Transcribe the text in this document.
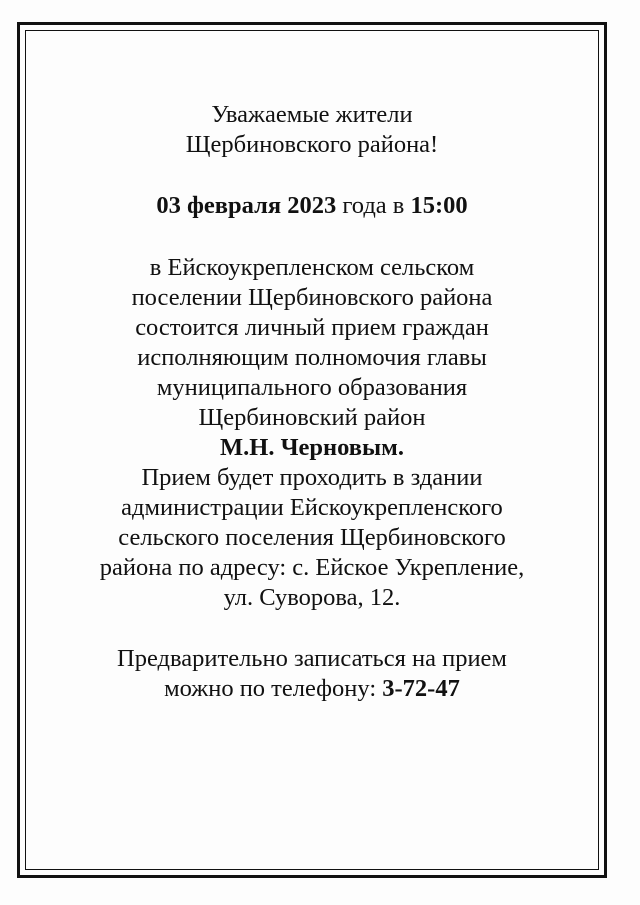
Уважаемые жители
Щербиновского района!
03 февраля 2023 года в 15:00
в Ейскоукрепленском сельском
поселении Щербиновского района
состоится личный прием граждан
исполняющим полномочия главы
муниципального образования
Щербиновский район
М.Н. Черновым.
Прием будет проходить в здании
администрации Ейскоукрепленского
сельского поселения Щербиновского
района по адресу: с. Ейское Укрепление,
ул. Суворова, 12.
Предварительно записаться на прием
можно по телефону: 3-72-47
